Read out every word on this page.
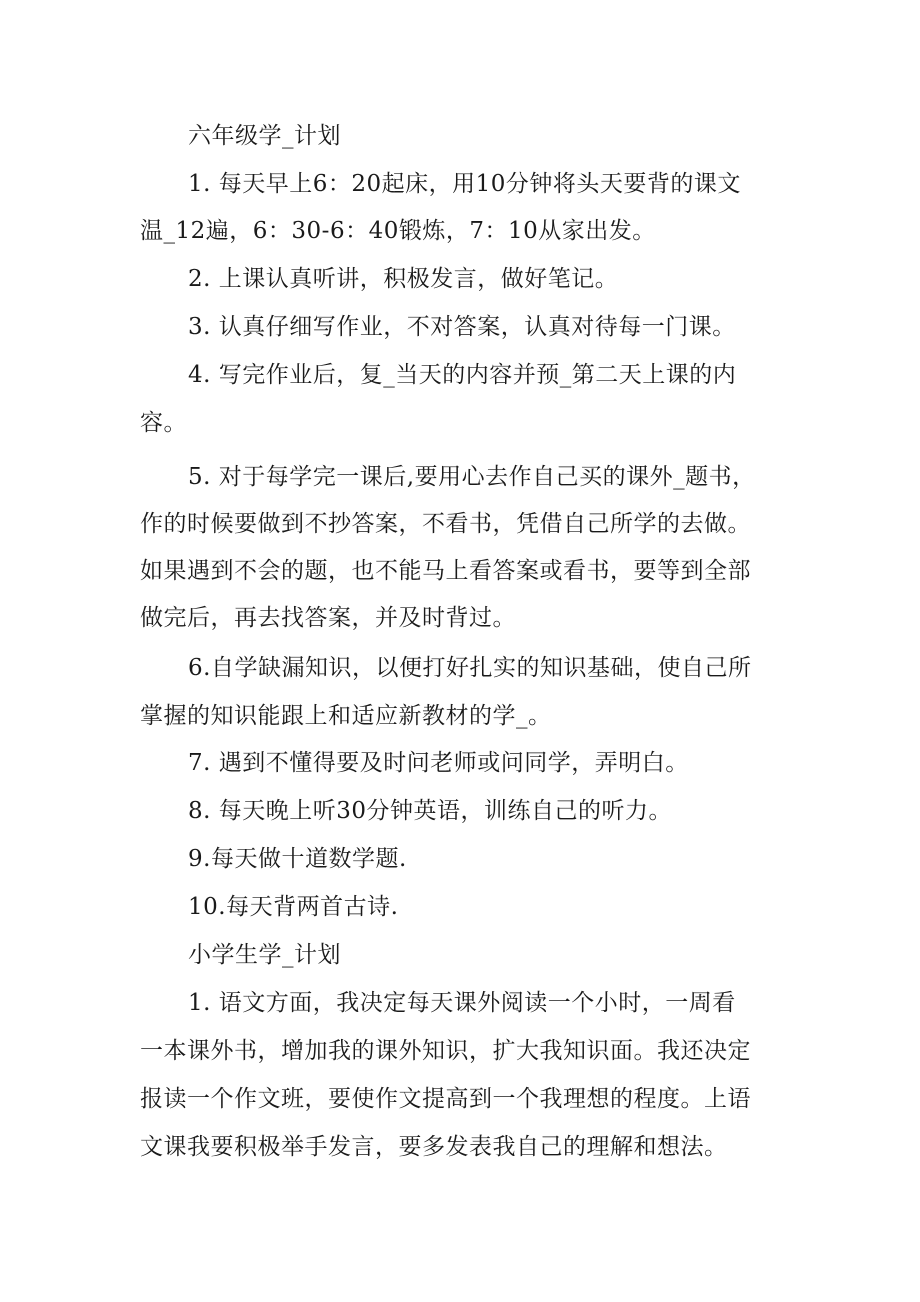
六年级学_计划
1. 每天早上6：20起床，用10分钟将头天要背的课文
温_12遍，6：30-6：40锻炼，7：10从家出发。
2. 上课认真听讲，积极发言，做好笔记。
3. 认真仔细写作业，不对答案，认真对待每一门课。
4. 写完作业后，复_当天的内容并预_第二天上课的内
容。
5. 对于每学完一课后,要用心去作自己买的课外_题书，
作的时候要做到不抄答案，不看书，凭借自己所学的去做。
如果遇到不会的题，也不能马上看答案或看书，要等到全部
做完后，再去找答案，并及时背过。
6.自学缺漏知识，以便打好扎实的知识基础，使自己所
掌握的知识能跟上和适应新教材的学_。
7. 遇到不懂得要及时问老师或问同学，弄明白。
8. 每天晚上听30分钟英语，训练自己的听力。
9.每天做十道数学题.
10.每天背两首古诗.
小学生学_计划
1. 语文方面，我决定每天课外阅读一个小时，一周看
一本课外书，增加我的课外知识，扩大我知识面。我还决定
报读一个作文班，要使作文提高到一个我理想的程度。上语
文课我要积极举手发言，要多发表我自己的理解和想法。
